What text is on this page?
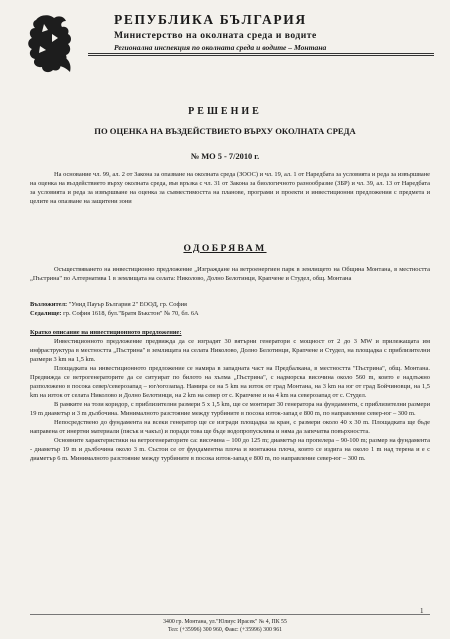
РЕПУБЛИКА БЪЛГАРИЯ
Министерство на околната среда и водите
Регионална инспекция по околната среда и водите – Монтана
РЕШЕНИЕ
ПО ОЦЕНКА НА ВЪЗДЕЙСТВИЕТО ВЪРХУ ОКОЛНАТА СРЕДА
№ МО 5 - 7/2010 г.

На основание чл. 99, ал. 2 от Закона за опазване на околната среда (ЗООС) и чл. 19, ал. 1 от Наредбата за условията и реда за извършване на оценка на въздействието върху околната среда, във връзка с чл. 31 от Закона за биологичното разнообразие (ЗБР) и чл. 39, ал. 13 от Наредбата за условията и реда за извършване на оценка за съвместимостта на планове, програми и проекти и инвестиционни предложения с предмета и целите на опазване на защитени зони

ОДОБРЯВАМ

Осъществяването на инвестиционно предложение „Изграждане на ветроенергиен парк в землището на Община Монтана, в местността „Пъстрина" по Алтернатива 1 в землищата на селата: Николово, Долно Белотинци, Крапчене и Студел, общ. Монтана

Възложител: "Унид Пауър България 2" ЕООД, гр. София

Седалище: гр. София 1618, бул."Братя Бъкстон" № 70, бл. 6А

Кратко описание на инвестиционното предложение:

Инвестиционното предложение предвижда да се изградят 30 вятърни генератори с мощност от 2 до 3 MW и прилежащата им инфраструктура в местността „Пъстрина" в землищата на селата Николово, Долно Белотинци, Крапчене и Студел, на площадка с приблизителни размери 3 km на 1,5 km.

Площадката на инвестиционното предложение се намира в западната част на Предбалкана, в местността "Пъстрина", общ. Монтана. Предвижда се ветрогенераторите да се ситуират по билото на хълма „Пъстрина", с надморска височина около 560 m, които е надлъжно разположено в посока север/северозапад – юг/югозапад. Намира се на 5 km на изток от град Монтана, на 3 km на юг от град Бойчиновци, на 1,5 km на изток от селата Николово и Долно Белотинци, на 2 km на север от с. Крапчене и на 4 km на северозапад от с. Студел.

В рамките на този коридор, с приблизителни размери 5 х 1,5 km, ще се монтират 30 генератора на фундаменти, с приблизителни размери 19 m диаметър и 3 m дълбочина. Минималното разстояние между турбините в посока изток-запад е 800 m, по направление север-юг – 300 m.

Непосредствено до фундамента на всеки генератор ще се изгради площадка за кран, с размери около 40 х 30 m. Площадката ще бъде направена от инертни материали (пясък и чакъл) и поради това ще бъде водопропускливa и няма да запечатва повърхността.

Основните характеристики на ветрогенераторите са: височина – 100 до 125 m; диаметър на пропелера – 90-100 m; размер на фундамента - диаметър 19 m и дълбочина около 3 m. Състои се от фундаментна плоча и монтажна плоча, които се издига на около 1 m над терена и е с диаметър 6 m. Минималното разстояние между турбините в посока изток-запад е 800 m, по направление север-юг – 300 m.

1
3400 гр. Монтана, ул."Юлиус Ирасек" № 4, ПК 55
Тел: (+35996) 300 960, Факс: (+35996) 300 961
